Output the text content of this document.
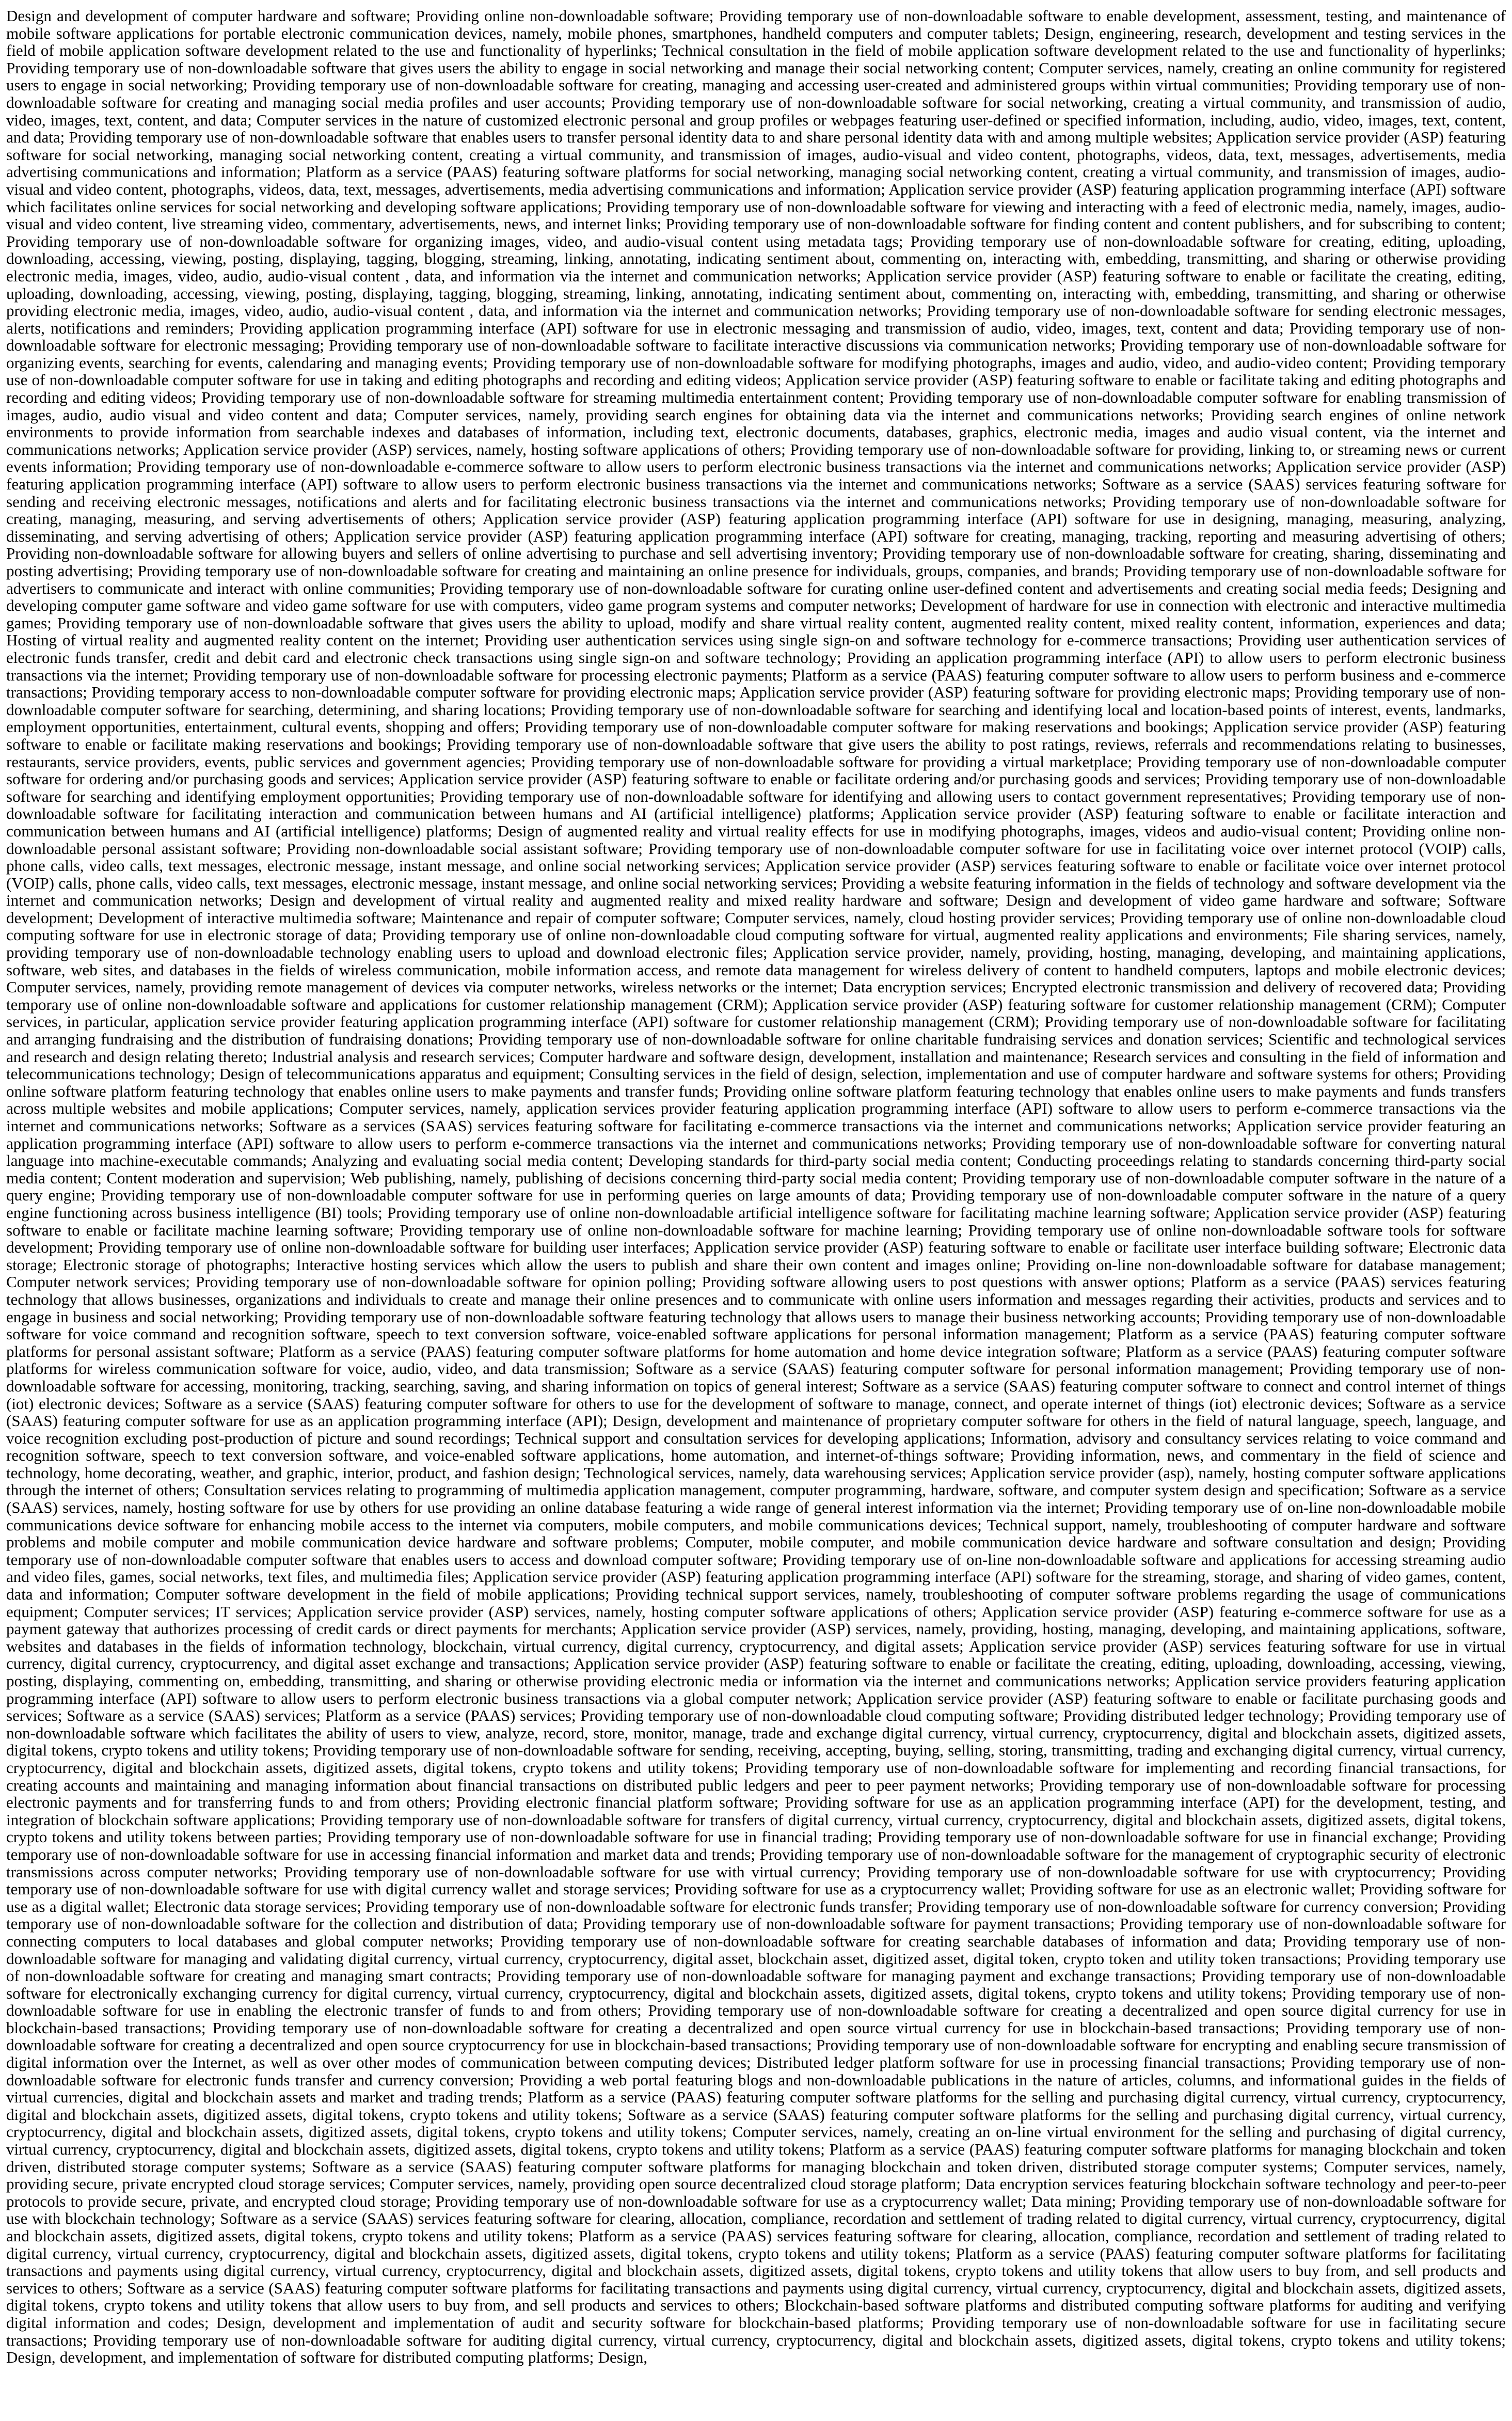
Design and development of computer hardware and software; Providing online non-downloadable software; Providing temporary use of non-downloadable software to enable development, assessment, testing, and maintenance of mobile software applications for portable electronic communication devices, namely, mobile phones, smartphones, handheld computers and computer tablets; Design, engineering, research, development and testing services in the field of mobile application software development related to the use and functionality of hyperlinks; Technical consultation in the field of mobile application software development related to the use and functionality of hyperlinks; Providing temporary use of non-downloadable software that gives users the ability to engage in social networking and manage their social networking content; Computer services, namely, creating an online community for registered users to engage in social networking; Providing temporary use of non-downloadable software for creating, managing and accessing user-created and administered groups within virtual communities; Providing temporary use of non-downloadable software for creating and managing social media profiles and user accounts; Providing temporary use of non-downloadable software for social networking, creating a virtual community, and transmission of audio, video, images, text, content, and data; Computer services in the nature of customized electronic personal and group profiles or webpages featuring user-defined or specified information, including, audio, video, images, text, content, and data; Providing temporary use of non-downloadable software that enables users to transfer personal identity data to and share personal identity data with and among multiple websites; Application service provider (ASP) featuring software for social networking, managing social networking content, creating a virtual community, and transmission of images, audio-visual and video content, photographs, videos, data, text, messages, advertisements, media advertising communications and information; Platform as a service (PAAS) featuring software platforms for social networking, managing social networking content, creating a virtual community, and transmission of images, audio-visual and video content, photographs, videos, data, text, messages, advertisements, media advertising communications and information; Application service provider (ASP) featuring application programming interface (API) software which facilitates online services for social networking and developing software applications; Providing temporary use of non-downloadable software for viewing and interacting with a feed of electronic media, namely, images, audio-visual and video content, live streaming video, commentary, advertisements, news, and internet links; Providing temporary use of non-downloadable software for finding content and content publishers, and for subscribing to content; Providing temporary use of non-downloadable software for organizing images, video, and audio-visual content using metadata tags; Providing temporary use of non-downloadable software for creating, editing, uploading, downloading, accessing, viewing, posting, displaying, tagging, blogging, streaming, linking, annotating, indicating sentiment about, commenting on, interacting with, embedding, transmitting, and sharing or otherwise providing electronic media, images, video, audio, audio-visual content , data, and information via the internet and communication networks; Application service provider (ASP) featuring software to enable or facilitate the creating, editing, uploading, downloading, accessing, viewing, posting, displaying, tagging, blogging, streaming, linking, annotating, indicating sentiment about, commenting on, interacting with, embedding, transmitting, and sharing or otherwise providing electronic media, images, video, audio, audio-visual content , data, and information via the internet and communication networks; Providing temporary use of non-downloadable software for sending electronic messages, alerts, notifications and reminders; Providing application programming interface (API) software for use in electronic messaging and transmission of audio, video, images, text, content and data; Providing temporary use of non-downloadable software for electronic messaging; Providing temporary use of non-downloadable software to facilitate interactive discussions via communication networks; Providing temporary use of non-downloadable software for organizing events, searching for events, calendaring and managing events; Providing temporary use of non-downloadable software for modifying photographs, images and audio, video, and audio-video content; Providing temporary use of non-downloadable computer software for use in taking and editing photographs and recording and editing videos; Application service provider (ASP) featuring software to enable or facilitate taking and editing photographs and recording and editing videos; Providing temporary use of non-downloadable software for streaming multimedia entertainment content; Providing temporary use of non-downloadable computer software for enabling transmission of images, audio, audio visual and video content and data; Computer services, namely, providing search engines for obtaining data via the internet and communications networks; Providing search engines of online network environments to provide information from searchable indexes and databases of information, including text, electronic documents, databases, graphics, electronic media, images and audio visual content, via the internet and communications networks; Application service provider (ASP) services, namely, hosting software applications of others; Providing temporary use of non-downloadable software for providing, linking to, or streaming news or current events information; Providing temporary use of non-downloadable e-commerce software to allow users to perform electronic business transactions via the internet and communications networks; Application service provider (ASP) featuring application programming interface (API) software to allow users to perform electronic business transactions via the internet and communications networks; Software as a service (SAAS) services featuring software for sending and receiving electronic messages, notifications and alerts and for facilitating electronic business transactions via the internet and communications networks; Providing temporary use of non-downloadable software for creating, managing, measuring, and serving advertisements of others; Application service provider (ASP) featuring application programming interface (API) software for use in designing, managing, measuring, analyzing, disseminating, and serving advertising of others; Application service provider (ASP) featuring application programming interface (API) software for creating, managing, tracking, reporting and measuring advertising of others; Providing non-downloadable software for allowing buyers and sellers of online advertising to purchase and sell advertising inventory; Providing temporary use of non-downloadable software for creating, sharing, disseminating and posting advertising; Providing temporary use of non-downloadable software for creating and maintaining an online presence for individuals, groups, companies, and brands; Providing temporary use of non-downloadable software for advertisers to communicate and interact with online communities; Providing temporary use of non-downloadable software for curating online user-defined content and advertisements and creating social media feeds; Designing and developing computer game software and video game software for use with computers, video game program systems and computer networks; Development of hardware for use in connection with electronic and interactive multimedia games; Providing temporary use of non-downloadable software that gives users the ability to upload, modify and share virtual reality content, augmented reality content, mixed reality content, information, experiences and data; Hosting of virtual reality and augmented reality content on the internet; Providing user authentication services using single sign-on and software technology for e-commerce transactions; Providing user authentication services of electronic funds transfer, credit and debit card and electronic check transactions using single sign-on and software technology; Providing an application programming interface (API) to allow users to perform electronic business transactions via the internet; Providing temporary use of non-downloadable software for processing electronic payments; Platform as a service (PAAS) featuring computer software to allow users to perform business and e-commerce transactions; Providing temporary access to non-downloadable computer software for providing electronic maps; Application service provider (ASP) featuring software for providing electronic maps; Providing temporary use of non-downloadable computer software for searching, determining, and sharing locations; Providing temporary use of non-downloadable software for searching and identifying local and location-based points of interest, events, landmarks, employment opportunities, entertainment, cultural events, shopping and offers; Providing temporary use of non-downloadable computer software for making reservations and bookings; Application service provider (ASP) featuring software to enable or facilitate making reservations and bookings; Providing temporary use of non-downloadable software that give users the ability to post ratings, reviews, referrals and recommendations relating to businesses, restaurants, service providers, events, public services and government agencies; Providing temporary use of non-downloadable software for providing a virtual marketplace; Providing temporary use of non-downloadable computer software for ordering and/or purchasing goods and services; Application service provider (ASP) featuring software to enable or facilitate ordering and/or purchasing goods and services; Providing temporary use of non-downloadable software for searching and identifying employment opportunities; Providing temporary use of non-downloadable software for identifying and allowing users to contact government representatives; Providing temporary use of non-downloadable software for facilitating interaction and communication between humans and AI (artificial intelligence) platforms; Application service provider (ASP) featuring software to enable or facilitate interaction and communication between humans and AI (artificial intelligence) platforms; Design of augmented reality and virtual reality effects for use in modifying photographs, images, videos and audio-visual content; Providing online non-downloadable personal assistant software; Providing non-downloadable social assistant software; Providing temporary use of non-downloadable computer software for use in facilitating voice over internet protocol (VOIP) calls, phone calls, video calls, text messages, electronic message, instant message, and online social networking services; Application service provider (ASP) services featuring software to enable or facilitate voice over internet protocol (VOIP) calls, phone calls, video calls, text messages, electronic message, instant message, and online social networking services; Providing a website featuring information in the fields of technology and software development via the internet and communication networks; Design and development of virtual reality and augmented reality and mixed reality hardware and software; Design and development of video game hardware and software; Software development; Development of interactive multimedia software; Maintenance and repair of computer software; Computer services, namely, cloud hosting provider services; Providing temporary use of online non-downloadable cloud computing software for use in electronic storage of data; Providing temporary use of online non-downloadable cloud computing software for virtual, augmented reality applications and environments; File sharing services, namely, providing temporary use of non-downloadable technology enabling users to upload and download electronic files; Application service provider, namely, providing, hosting, managing, developing, and maintaining applications, software, web sites, and databases in the fields of wireless communication, mobile information access, and remote data management for wireless delivery of content to handheld computers, laptops and mobile electronic devices; Computer services, namely, providing remote management of devices via computer networks, wireless networks or the internet; Data encryption services; Encrypted electronic transmission and delivery of recovered data; Providing temporary use of online non-downloadable software and applications for customer relationship management (CRM); Application service provider (ASP) featuring software for customer relationship management (CRM); Computer services, in particular, application service provider featuring application programming interface (API) software for customer relationship management (CRM); Providing temporary use of non-downloadable software for facilitating and arranging fundraising and the distribution of fundraising donations; Providing temporary use of non-downloadable software for online charitable fundraising services and donation services; Scientific and technological services and research and design relating thereto; Industrial analysis and research services; Computer hardware and software design, development, installation and maintenance; Research services and consulting in the field of information and telecommunications technology; Design of telecommunications apparatus and equipment; Consulting services in the field of design, selection, implementation and use of computer hardware and software systems for others; Providing online software platform featuring technology that enables online users to make payments and transfer funds; Providing online software platform featuring technology that enables online users to make payments and funds transfers across multiple websites and mobile applications; Computer services, namely, application services provider featuring application programming interface (API) software to allow users to perform e-commerce transactions via the internet and communications networks; Software as a services (SAAS) services featuring software for facilitating e-commerce transactions via the internet and communications networks; Application service provider featuring an application programming interface (API) software to allow users to perform e-commerce transactions via the internet and communications networks; Providing temporary use of non-downloadable software for converting natural language into machine-executable commands; Analyzing and evaluating social media content; Developing standards for third-party social media content; Conducting proceedings relating to standards concerning third-party social media content; Content moderation and supervision; Web publishing, namely, publishing of decisions concerning third-party social media content; Providing temporary use of non-downloadable computer software in the nature of a query engine; Providing temporary use of non-downloadable computer software for use in performing queries on large amounts of data; Providing temporary use of non-downloadable computer software in the nature of a query engine functioning across business intelligence (BI) tools; Providing temporary use of online non-downloadable artificial intelligence software for facilitating machine learning software; Application service provider (ASP) featuring software to enable or facilitate machine learning software; Providing temporary use of online non-downloadable software for machine learning; Providing temporary use of online non-downloadable software tools for software development; Providing temporary use of online non-downloadable software for building user interfaces; Application service provider (ASP) featuring software to enable or facilitate user interface building software; Electronic data storage; Electronic storage of photographs; Interactive hosting services which allow the users to publish and share their own content and images online; Providing on-line non-downloadable software for database management; Computer network services; Providing temporary use of non-downloadable software for opinion polling; Providing software allowing users to post questions with answer options; Platform as a service (PAAS) services featuring technology that allows businesses, organizations and individuals to create and manage their online presences and to communicate with online users information and messages regarding their activities, products and services and to engage in business and social networking; Providing temporary use of non-downloadable software featuring technology that allows users to manage their business networking accounts; Providing temporary use of non-downloadable software for voice command and recognition software, speech to text conversion software, voice-enabled software applications for personal information management; Platform as a service (PAAS) featuring computer software platforms for personal assistant software; Platform as a service (PAAS) featuring computer software platforms for home automation and home device integration software; Platform as a service (PAAS) featuring computer software platforms for wireless communication software for voice, audio, video, and data transmission; Software as a service (SAAS) featuring computer software for personal information management; Providing temporary use of non-downloadable software for accessing, monitoring, tracking, searching, saving, and sharing information on topics of general interest; Software as a service (SAAS) featuring computer software to connect and control internet of things (iot) electronic devices; Software as a service (SAAS) featuring computer software for others to use for the development of software to manage, connect, and operate internet of things (iot) electronic devices; Software as a service (SAAS) featuring computer software for use as an application programming interface (API); Design, development and maintenance of proprietary computer software for others in the field of natural language, speech, language, and voice recognition excluding post-production of picture and sound recordings; Technical support and consultation services for developing applications; Information, advisory and consultancy services relating to voice command and recognition software, speech to text conversion software, and voice-enabled software applications, home automation, and internet-of-things software; Providing information, news, and commentary in the field of science and technology, home decorating, weather, and graphic, interior, product, and fashion design; Technological services, namely, data warehousing services; Application service provider (asp), namely, hosting computer software applications through the internet of others; Consultation services relating to programming of multimedia application management, computer programming, hardware, software, and computer system design and specification; Software as a service (SAAS) services, namely, hosting software for use by others for use providing an online database featuring a wide range of general interest information via the internet; Providing temporary use of on-line non-downloadable mobile communications device software for enhancing mobile access to the internet via computers, mobile computers, and mobile communications devices; Technical support, namely, troubleshooting of computer hardware and software problems and mobile computer and mobile communication device hardware and software problems; Computer, mobile computer, and mobile communication device hardware and software consultation and design; Providing temporary use of non-downloadable computer software that enables users to access and download computer software; Providing temporary use of on-line non-downloadable software and applications for accessing streaming audio and video files, games, social networks, text files, and multimedia files; Application service provider (ASP) featuring application programming interface (API) software for the streaming, storage, and sharing of video games, content, data and information; Computer software development in the field of mobile applications; Providing technical support services, namely, troubleshooting of computer software problems regarding the usage of communications equipment; Computer services; IT services; Application service provider (ASP) services, namely, hosting computer software applications of others; Application service provider (ASP) featuring e-commerce software for use as a payment gateway that authorizes processing of credit cards or direct payments for merchants; Application service provider (ASP) services, namely, providing, hosting, managing, developing, and maintaining applications, software, websites and databases in the fields of information technology, blockchain, virtual currency, digital currency, cryptocurrency, and digital assets; Application service provider (ASP) services featuring software for use in virtual currency, digital currency, cryptocurrency, and digital asset exchange and transactions; Application service provider (ASP) featuring software to enable or facilitate the creating, editing, uploading, downloading, accessing, viewing, posting, displaying, commenting on, embedding, transmitting, and sharing or otherwise providing electronic media or information via the internet and communications networks; Application service providers featuring application programming interface (API) software to allow users to perform electronic business transactions via a global computer network; Application service provider (ASP) featuring software to enable or facilitate purchasing goods and services; Software as a service (SAAS) services; Platform as a service (PAAS) services; Providing temporary use of non-downloadable cloud computing software; Providing distributed ledger technology; Providing temporary use of non-downloadable software which facilitates the ability of users to view, analyze, record, store, monitor, manage, trade and exchange digital currency, virtual currency, cryptocurrency, digital and blockchain assets, digitized assets, digital tokens, crypto tokens and utility tokens; Providing temporary use of non-downloadable software for sending, receiving, accepting, buying, selling, storing, transmitting, trading and exchanging digital currency, virtual currency, cryptocurrency, digital and blockchain assets, digitized assets, digital tokens, crypto tokens and utility tokens; Providing temporary use of non-downloadable software for implementing and recording financial transactions, for creating accounts and maintaining and managing information about financial transactions on distributed public ledgers and peer to peer payment networks; Providing temporary use of non-downloadable software for processing electronic payments and for transferring funds to and from others; Providing electronic financial platform software; Providing software for use as an application programming interface (API) for the development, testing, and integration of blockchain software applications; Providing temporary use of non-downloadable software for transfers of digital currency, virtual currency, cryptocurrency, digital and blockchain assets, digitized assets, digital tokens, crypto tokens and utility tokens between parties; Providing temporary use of non-downloadable software for use in financial trading; Providing temporary use of non-downloadable software for use in financial exchange; Providing temporary use of non-downloadable software for use in accessing financial information and market data and trends; Providing temporary use of non-downloadable software for the management of cryptographic security of electronic transmissions across computer networks; Providing temporary use of non-downloadable software for use with virtual currency; Providing temporary use of non-downloadable software for use with cryptocurrency; Providing temporary use of non-downloadable software for use with digital currency wallet and storage services; Providing software for use as a cryptocurrency wallet; Providing software for use as an electronic wallet; Providing software for use as a digital wallet; Electronic data storage services; Providing temporary use of non-downloadable software for electronic funds transfer; Providing temporary use of non-downloadable software for currency conversion; Providing temporary use of non-downloadable software for the collection and distribution of data; Providing temporary use of non-downloadable software for payment transactions; Providing temporary use of non-downloadable software for connecting computers to local databases and global computer networks; Providing temporary use of non-downloadable software for creating searchable databases of information and data; Providing temporary use of non-downloadable software for managing and validating digital currency, virtual currency, cryptocurrency, digital asset, blockchain asset, digitized asset, digital token, crypto token and utility token transactions; Providing temporary use of non-downloadable software for creating and managing smart contracts; Providing temporary use of non-downloadable software for managing payment and exchange transactions; Providing temporary use of non-downloadable software for electronically exchanging currency for digital currency, virtual currency, cryptocurrency, digital and blockchain assets, digitized assets, digital tokens, crypto tokens and utility tokens; Providing temporary use of non-downloadable software for use in enabling the electronic transfer of funds to and from others; Providing temporary use of non-downloadable software for creating a decentralized and open source digital currency for use in blockchain-based transactions; Providing temporary use of non-downloadable software for creating a decentralized and open source virtual currency for use in blockchain-based transactions; Providing temporary use of non-downloadable software for creating a decentralized and open source cryptocurrency for use in blockchain-based transactions; Providing temporary use of non-downloadable software for encrypting and enabling secure transmission of digital information over the Internet, as well as over other modes of communication between computing devices; Distributed ledger platform software for use in processing financial transactions; Providing temporary use of non-downloadable software for electronic funds transfer and currency conversion; Providing a web portal featuring blogs and non-downloadable publications in the nature of articles, columns, and informational guides in the fields of virtual currencies, digital and blockchain assets and market and trading trends; Platform as a service (PAAS) featuring computer software platforms for the selling and purchasing digital currency, virtual currency, cryptocurrency, digital and blockchain assets, digitized assets, digital tokens, crypto tokens and utility tokens; Software as a service (SAAS) featuring computer software platforms for the selling and purchasing digital currency, virtual currency, cryptocurrency, digital and blockchain assets, digitized assets, digital tokens, crypto tokens and utility tokens; Computer services, namely, creating an on-line virtual environment for the selling and purchasing of digital currency, virtual currency, cryptocurrency, digital and blockchain assets, digitized assets, digital tokens, crypto tokens and utility tokens; Platform as a service (PAAS) featuring computer software platforms for managing blockchain and token driven, distributed storage computer systems; Software as a service (SAAS) featuring computer software platforms for managing blockchain and token driven, distributed storage computer systems; Computer services, namely, providing secure, private encrypted cloud storage services; Computer services, namely, providing open source decentralized cloud storage platform; Data encryption services featuring blockchain software technology and peer-to-peer protocols to provide secure, private, and encrypted cloud storage; Providing temporary use of non-downloadable software for use as a cryptocurrency wallet; Data mining; Providing temporary use of non-downloadable software for use with blockchain technology; Software as a service (SAAS) services featuring software for clearing, allocation, compliance, recordation and settlement of trading related to digital currency, virtual currency, cryptocurrency, digital and blockchain assets, digitized assets, digital tokens, crypto tokens and utility tokens; Platform as a service (PAAS) services featuring software for clearing, allocation, compliance, recordation and settlement of trading related to digital currency, virtual currency, cryptocurrency, digital and blockchain assets, digitized assets, digital tokens, crypto tokens and utility tokens; Platform as a service (PAAS) featuring computer software platforms for facilitating transactions and payments using digital currency, virtual currency, cryptocurrency, digital and blockchain assets, digitized assets, digital tokens, crypto tokens and utility tokens that allow users to buy from, and sell products and services to others; Software as a service (SAAS) featuring computer software platforms for facilitating transactions and payments using digital currency, virtual currency, cryptocurrency, digital and blockchain assets, digitized assets, digital tokens, crypto tokens and utility tokens that allow users to buy from, and sell products and services to others; Blockchain-based software platforms and distributed computing software platforms for auditing and verifying digital information and codes; Design, development and implementation of audit and security software for blockchain-based platforms; Providing temporary use of non-downloadable software for use in facilitating secure transactions; Providing temporary use of non-downloadable software for auditing digital currency, virtual currency, cryptocurrency, digital and blockchain assets, digitized assets, digital tokens, crypto tokens and utility tokens; Design, development, and implementation of software for distributed computing platforms; Design,
